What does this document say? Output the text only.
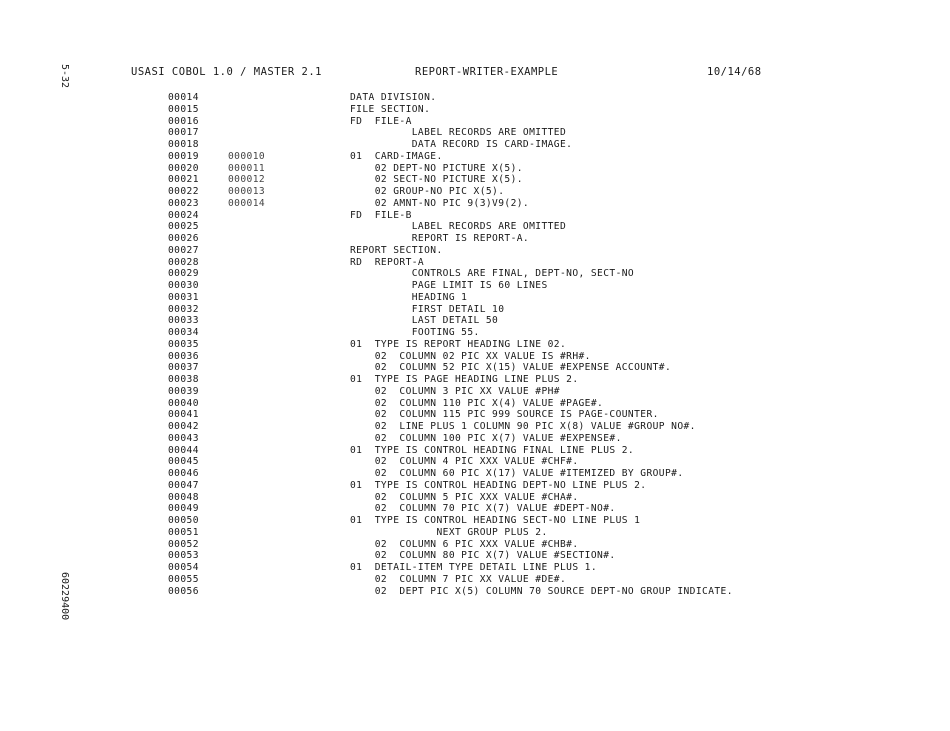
5-32
60229400
USASI COBOL 1.0 / MASTER 2.1	REPORT-WRITER-EXAMPLE	10/14/68
00014	DATA DIVISION.
00015	FILE SECTION.
00016	FD  FILE-A
00017	LABEL RECORDS ARE OMITTED
00018	DATA RECORD IS CARD-IMAGE.
00019	000010	01  CARD-IMAGE.
00020	000011	02 DEPT-NO PICTURE X(5).
00021	000012	02 SECT-NO PICTURE X(5).
00022	000013	02 GROUP-NO PIC X(5).
00023	000014	02 AMNT-NO PIC 9(3)V9(2).
00024	FD  FILE-B
00025	LABEL RECORDS ARE OMITTED
00026	REPORT IS REPORT-A.
00027	REPORT SECTION.
00028	RD  REPORT-A
00029	CONTROLS ARE FINAL, DEPT-NO, SECT-NO
00030	PAGE LIMIT IS 60 LINES
00031	HEADING 1
00032	FIRST DETAIL 10
00033	LAST DETAIL 50
00034	FOOTING 55.
00035	01  TYPE IS REPORT HEADING LINE 02.
00036	02  COLUMN 02 PIC XX VALUE IS #RH#.
00037	02  COLUMN 52 PIC X(15) VALUE #EXPENSE ACCOUNT#.
00038	01  TYPE IS PAGE HEADING LINE PLUS 2.
00039	02  COLUMN 3 PIC XX VALUE #PH#
00040	02  COLUMN 110 PIC X(4) VALUE #PAGE#.
00041	02  COLUMN 115 PIC 999 SOURCE IS PAGE-COUNTER.
00042	02  LINE PLUS 1 COLUMN 90 PIC X(8) VALUE #GROUP NO#.
00043	02  COLUMN 100 PIC X(7) VALUE #EXPENSE#.
00044	01  TYPE IS CONTROL HEADING FINAL LINE PLUS 2.
00045	02  COLUMN 4 PIC XXX VALUE #CHF#.
00046	02  COLUMN 60 PIC X(17) VALUE #ITEMIZED BY GROUP#.
00047	01  TYPE IS CONTROL HEADING DEPT-NO LINE PLUS 2.
00048	02  COLUMN 5 PIC XXX VALUE #CHA#.
00049	02  COLUMN 70 PIC X(7) VALUE #DEPT-NO#.
00050	01  TYPE IS CONTROL HEADING SECT-NO LINE PLUS 1
00051	NEXT GROUP PLUS 2.
00052	02  COLUMN 6 PIC XXX VALUE #CHB#.
00053	02  COLUMN 80 PIC X(7) VALUE #SECTION#.
00054	01  DETAIL-ITEM TYPE DETAIL LINE PLUS 1.
00055	02  COLUMN 7 PIC XX VALUE #DE#.
00056	02  DEPT PIC X(5) COLUMN 70 SOURCE DEPT-NO GROUP INDICATE.
